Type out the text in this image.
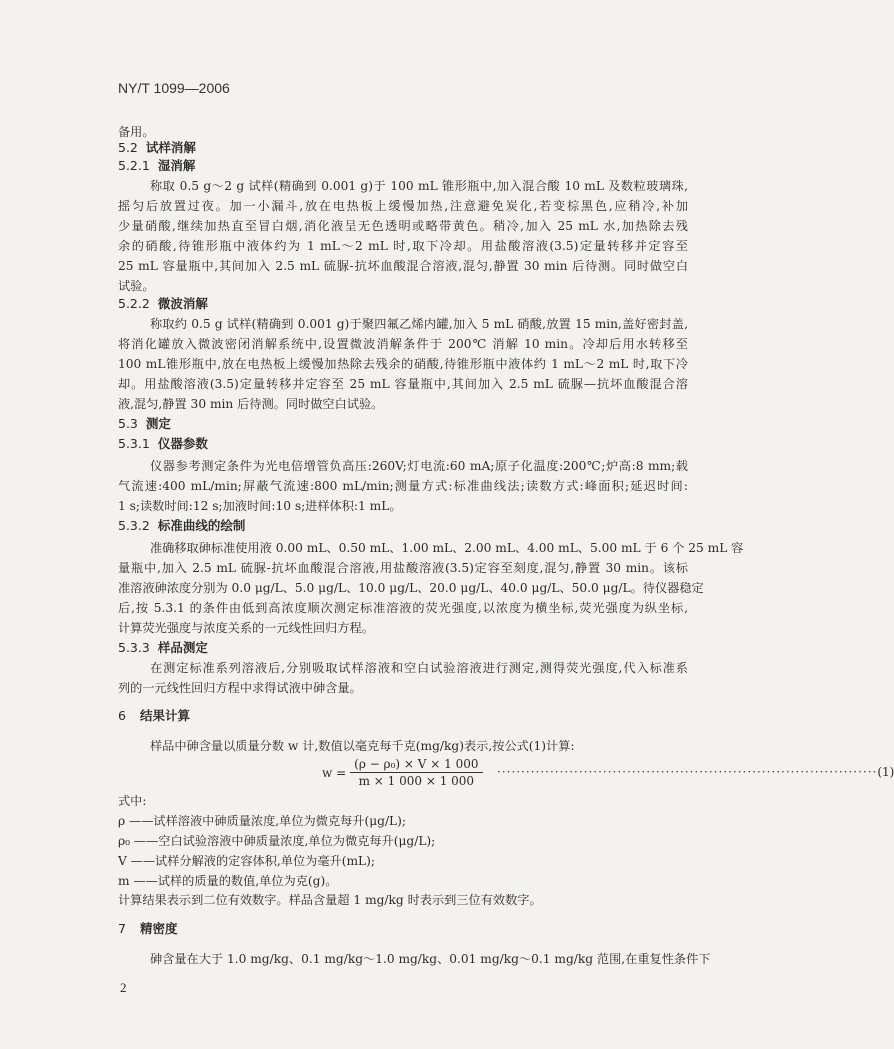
NY/T 1099—2006
备用。
5.2 试样消解
5.2.1 湿消解
称取 0.5 g～2 g 试样(精确到 0.001 g)于 100 mL 锥形瓶中,加入混合酸 10 mL 及数粒玻璃珠,
摇匀后放置过夜。加一小漏斗,放在电热板上缓慢加热,注意避免炭化,若变棕黑色,应稍冷,补加
少量硝酸,继续加热直至冒白烟,消化液呈无色透明或略带黄色。稍冷,加入 25 mL 水,加热除去残
余的硝酸,待锥形瓶中液体约为 1 mL～2 mL 时,取下冷却。用盐酸溶液(3.5)定量转移并定容至
25 mL 容量瓶中,其间加入 2.5 mL 硫脲-抗坏血酸混合溶液,混匀,静置 30 min 后待测。同时做空白
试验。
5.2.2 微波消解
称取约 0.5 g 试样(精确到 0.001 g)于聚四氟乙烯内罐,加入 5 mL 硝酸,放置 15 min,盖好密封盖,
将消化罐放入微波密闭消解系统中,设置微波消解条件于 200℃ 消解 10 min。冷却后用水转移至
100 mL锥形瓶中,放在电热板上缓慢加热除去残余的硝酸,待锥形瓶中液体约 1 mL～2 mL 时,取下冷
却。用盐酸溶液(3.5)定量转移并定容至 25 mL 容量瓶中,其间加入 2.5 mL 硫脲—抗坏血酸混合溶
液,混匀,静置 30 min 后待测。同时做空白试验。
5.3 测定
5.3.1 仪器参数
仪器参考测定条件为光电倍增管负高压:260V;灯电流:60 mA;原子化温度:200℃;炉高:8 mm;载
气流速:400 mL/min;屏蔽气流速:800 mL/min;测量方式:标准曲线法;读数方式:峰面积;延迟时间:
1 s;读数时间:12 s;加液时间:10 s;进样体积:1 mL。
5.3.2 标准曲线的绘制
准确移取砷标准使用液 0.00 mL、0.50 mL、1.00 mL、2.00 mL、4.00 mL、5.00 mL 于 6 个 25 mL 容
量瓶中,加入 2.5 mL 硫脲-抗坏血酸混合溶液,用盐酸溶液(3.5)定容至刻度,混匀,静置 30 min。该标
准溶液砷浓度分别为 0.0 μg/L、5.0 μg/L、10.0 μg/L、20.0 μg/L、40.0 μg/L、50.0 μg/L。待仪器稳定
后,按 5.3.1 的条件由低到高浓度顺次测定标准溶液的荧光强度,以浓度为横坐标,荧光强度为纵坐标,
计算荧光强度与浓度关系的一元线性回归方程。
5.3.3 样品测定
在测定标准系列溶液后,分别吸取试样溶液和空白试验溶液进行测定,测得荧光强度,代入标准系
列的一元线性回归方程中求得试液中砷含量。
6 结果计算
样品中砷含量以质量分数 w 计,数值以毫克每千克(mg/kg)表示,按公式(1)计算:
$w = \frac{\text{(ρ − ρ₀) × V × 1 000}}{m \times 1 000 \times 1 000}$ ··············································································· (1)
式中:
ρ ——试样溶液中砷质量浓度,单位为微克每升(μg/L);
ρ₀ ——空白试验溶液中砷质量浓度,单位为微克每升(μg/L);
V ——试样分解液的定容体积,单位为毫升(mL);
m ——试样的质量的数值,单位为克(g)。
计算结果表示到二位有效数字。样品含量超 1 mg/kg 时表示到三位有效数字。
7 精密度
砷含量在大于 1.0 mg/kg、0.1 mg/kg～1.0 mg/kg、0.01 mg/kg～0.1 mg/kg 范围,在重复性条件下
2
